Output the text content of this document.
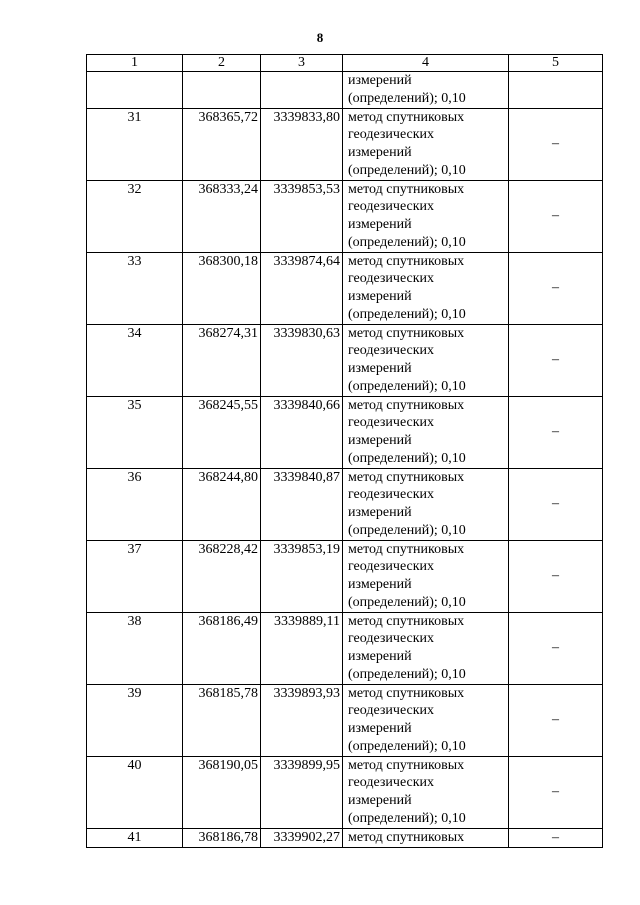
8
1	2	3	4	5
			измерений
(определений); 0,10	
31	368365,72	3339833,80	метод спутниковых
геодезических
измерений
(определений); 0,10	–
32	368333,24	3339853,53	метод спутниковых
геодезических
измерений
(определений); 0,10	–
33	368300,18	3339874,64	метод спутниковых
геодезических
измерений
(определений); 0,10	–
34	368274,31	3339830,63	метод спутниковых
геодезических
измерений
(определений); 0,10	–
35	368245,55	3339840,66	метод спутниковых
геодезических
измерений
(определений); 0,10	–
36	368244,80	3339840,87	метод спутниковых
геодезических
измерений
(определений); 0,10	–
37	368228,42	3339853,19	метод спутниковых
геодезических
измерений
(определений); 0,10	–
38	368186,49	3339889,11	метод спутниковых
геодезических
измерений
(определений); 0,10	–
39	368185,78	3339893,93	метод спутниковых
геодезических
измерений
(определений); 0,10	–
40	368190,05	3339899,95	метод спутниковых
геодезических
измерений
(определений); 0,10	–
41	368186,78	3339902,27	метод спутниковых	–
